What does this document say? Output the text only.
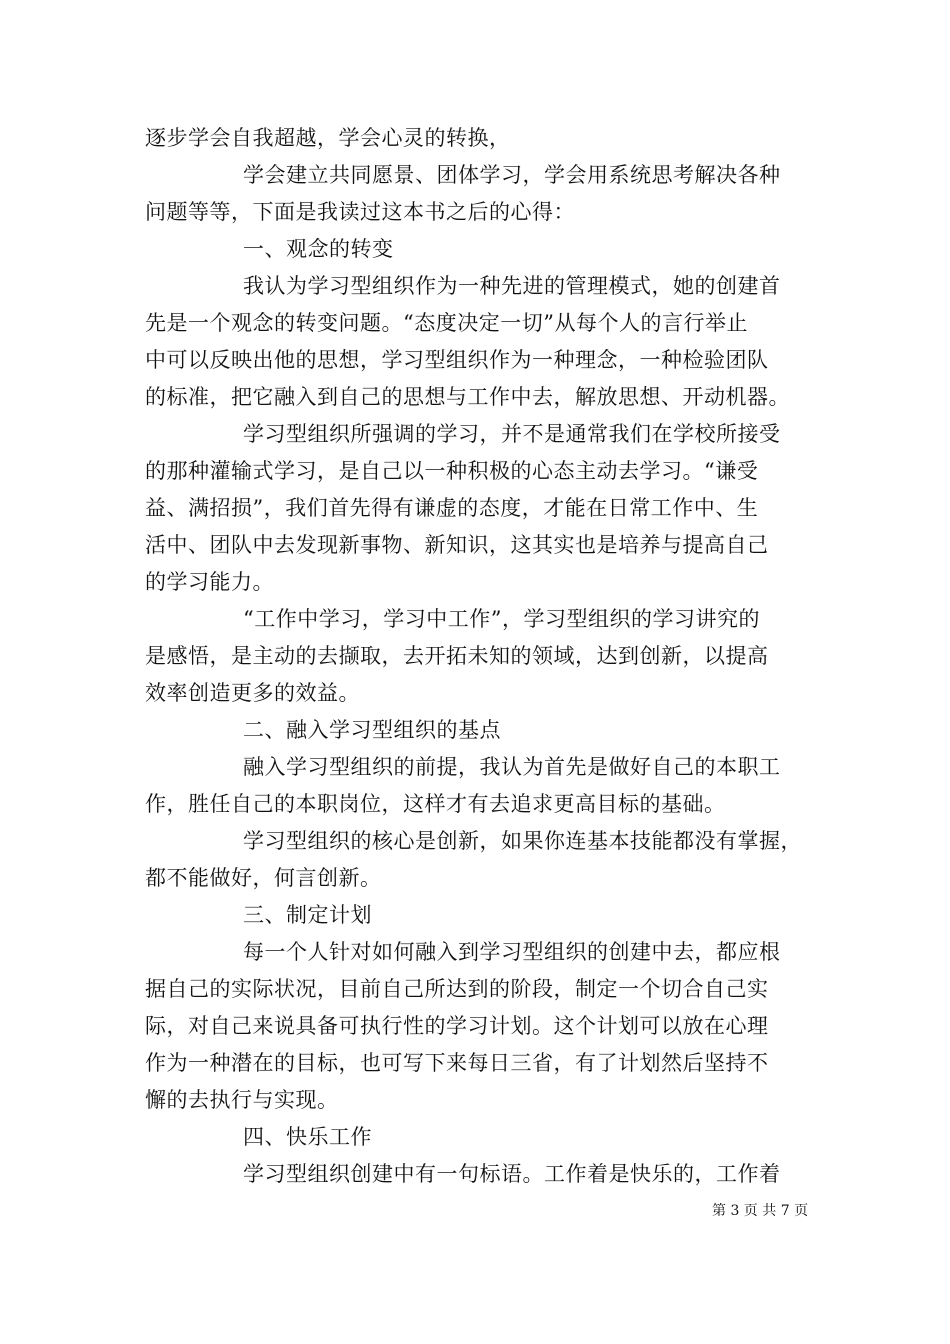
逐步学会自我超越，学会心灵的转换，
学会建立共同愿景、团体学习，学会用系统思考解决各种
问题等等，下面是我读过这本书之后的心得：
一、观念的转变
我认为学习型组织作为一种先进的管理模式，她的创建首
先是一个观念的转变问题。“态度决定一切”从每个人的言行举止
中可以反映出他的思想，学习型组织作为一种理念，一种检验团队
的标准，把它融入到自己的思想与工作中去，解放思想、开动机器。
学习型组织所强调的学习，并不是通常我们在学校所接受
的那种灌输式学习，是自己以一种积极的心态主动去学习。“谦受
益、满招损”，我们首先得有谦虚的态度，才能在日常工作中、生
活中、团队中去发现新事物、新知识，这其实也是培养与提高自己
的学习能力。
“工作中学习，学习中工作”，学习型组织的学习讲究的
是感悟，是主动的去撷取，去开拓未知的领域，达到创新，以提高
效率创造更多的效益。
二、融入学习型组织的基点
融入学习型组织的前提，我认为首先是做好自己的本职工
作，胜任自己的本职岗位，这样才有去追求更高目标的基础。
学习型组织的核心是创新，如果你连基本技能都没有掌握，
都不能做好，何言创新。
三、制定计划
每一个人针对如何融入到学习型组织的创建中去，都应根
据自己的实际状况，目前自己所达到的阶段，制定一个切合自己实
际，对自己来说具备可执行性的学习计划。这个计划可以放在心理
作为一种潜在的目标，也可写下来每日三省，有了计划然后坚持不
懈的去执行与实现。
四、快乐工作
学习型组织创建中有一句标语。工作着是快乐的，工作着
第 3 页 共 7 页
